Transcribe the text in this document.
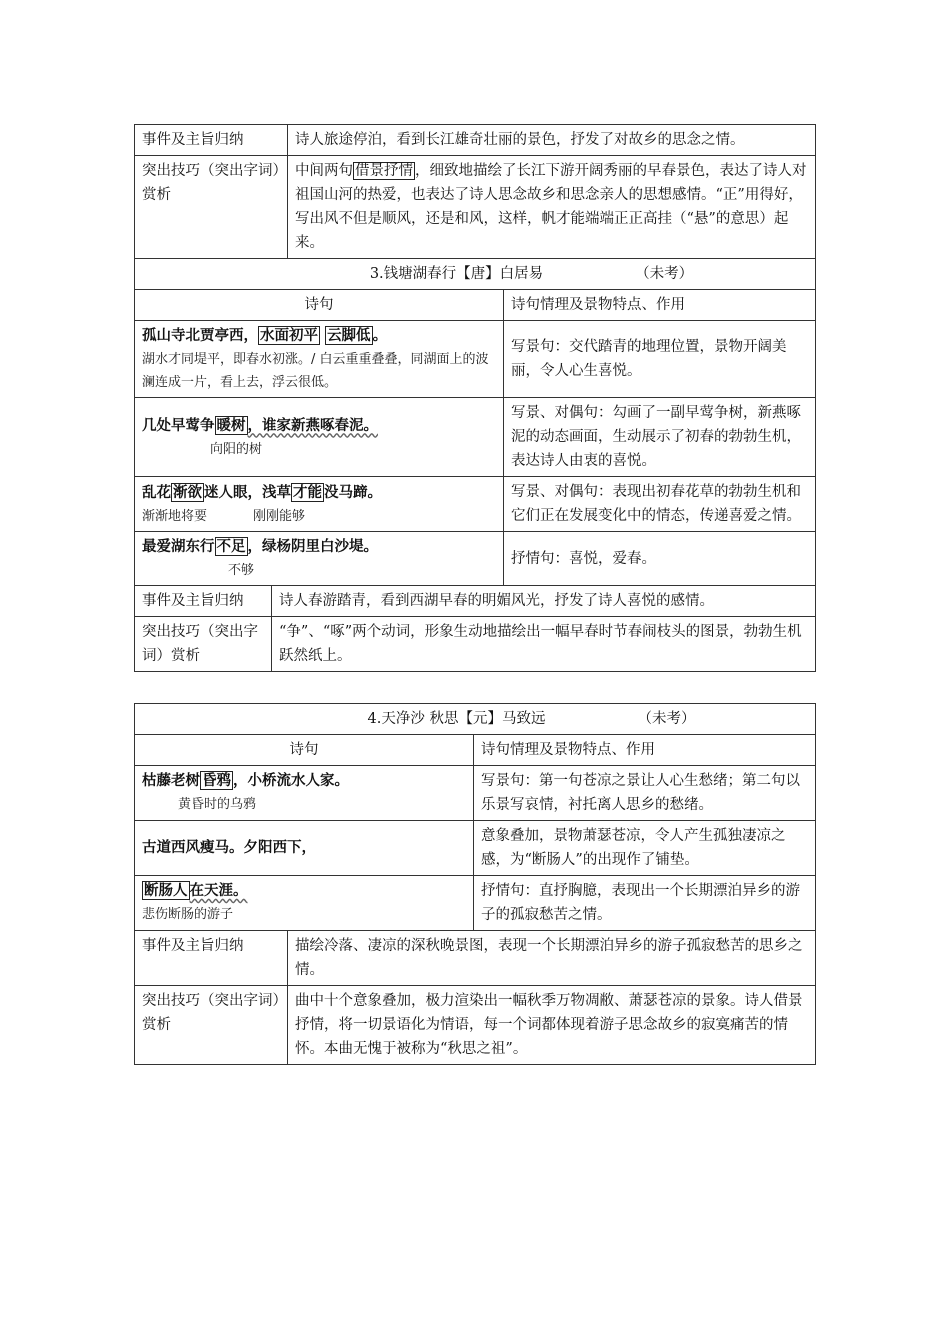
事件及主旨归纳		诗人旅途停泊，看到长江雄奇壮丽的景色，抒发了对故乡的思念之情。	
突出技巧（突出字词）赏析		中间两句 借景抒情 ，细致地描绘了长江下游开阔秀丽的早春景色，表达了诗人对祖国山河的热爱，也表达了诗人思念故乡和思念亲人的思想感情。“正”用得好，写出风不但是顺风，还是和风，这样，帆才能端端正正高挂（“悬”的意思）起来。	
3.钱塘湖春行【唐】白居易 （未考）			
诗句			诗句情理及景物特点、作用

孤山寺北贾亭西， 水面初平 云脚低 。
湖水才同堤平，即春水初涨。/ 白云重重叠叠，同湖面上的波澜连成一片，看上去，浮云很低。			写景句：交代踏青的地理位置，景物开阔美丽，令人心生喜悦。

几处早莺争 暖树 ，谁家新燕啄春泥。
向阳的树			写景、对偶句：勾画了一副早莺争树，新燕啄泥的动态画面，生动展示了初春的勃勃生机，表达诗人由衷的喜悦。

乱花 渐欲 迷人眼，浅草 才能 没马蹄。
渐渐地将要 刚刚能够			写景、对偶句：表现出初春花草的勃勃生机和它们正在发展变化中的情态，传递喜爱之情。

最爱湖东行 不足 ，绿杨阴里白沙堤。
不够			抒情句：喜悦，爱春。
事件及主旨归纳	诗人春游踏青，看到西湖早春的明媚风光，抒发了诗人喜悦的感情。		
突出技巧（突出字词）赏析	“争”、“啄”两个动词，形象生动地描绘出一幅早春时节春闹枝头的图景，勃勃生机跃然纸上。		
4.天净沙 秋思【元】马致远 （未考）		
诗句		诗句情理及景物特点、作用

枯藤老树 昏鸦 ，小桥流水人家。
黄昏时的乌鸦		写景句：第一句苍凉之景让人心生愁绪；第二句以乐景写哀情，衬托离人思乡的愁绪。
古道西风瘦马。夕阳西下，		意象叠加，景物萧瑟苍凉，令人产生孤独凄凉之感，为“断肠人”的出现作了铺垫。

断肠人 在天涯。
悲伤断肠的游子		抒情句：直抒胸臆，表现出一个长期漂泊异乡的游子的孤寂愁苦之情。
事件及主旨归纳	描绘冷落、凄凉的深秋晚景图，表现一个长期漂泊异乡的游子孤寂愁苦的思乡之情。	
突出技巧（突出字词）赏析	曲中十个意象叠加，极力渲染出一幅秋季万物凋敝、萧瑟苍凉的景象。诗人借景抒情，将一切景语化为情语，每一个词都体现着游子思念故乡的寂寞痛苦的情怀。本曲无愧于被称为“秋思之祖”。	
